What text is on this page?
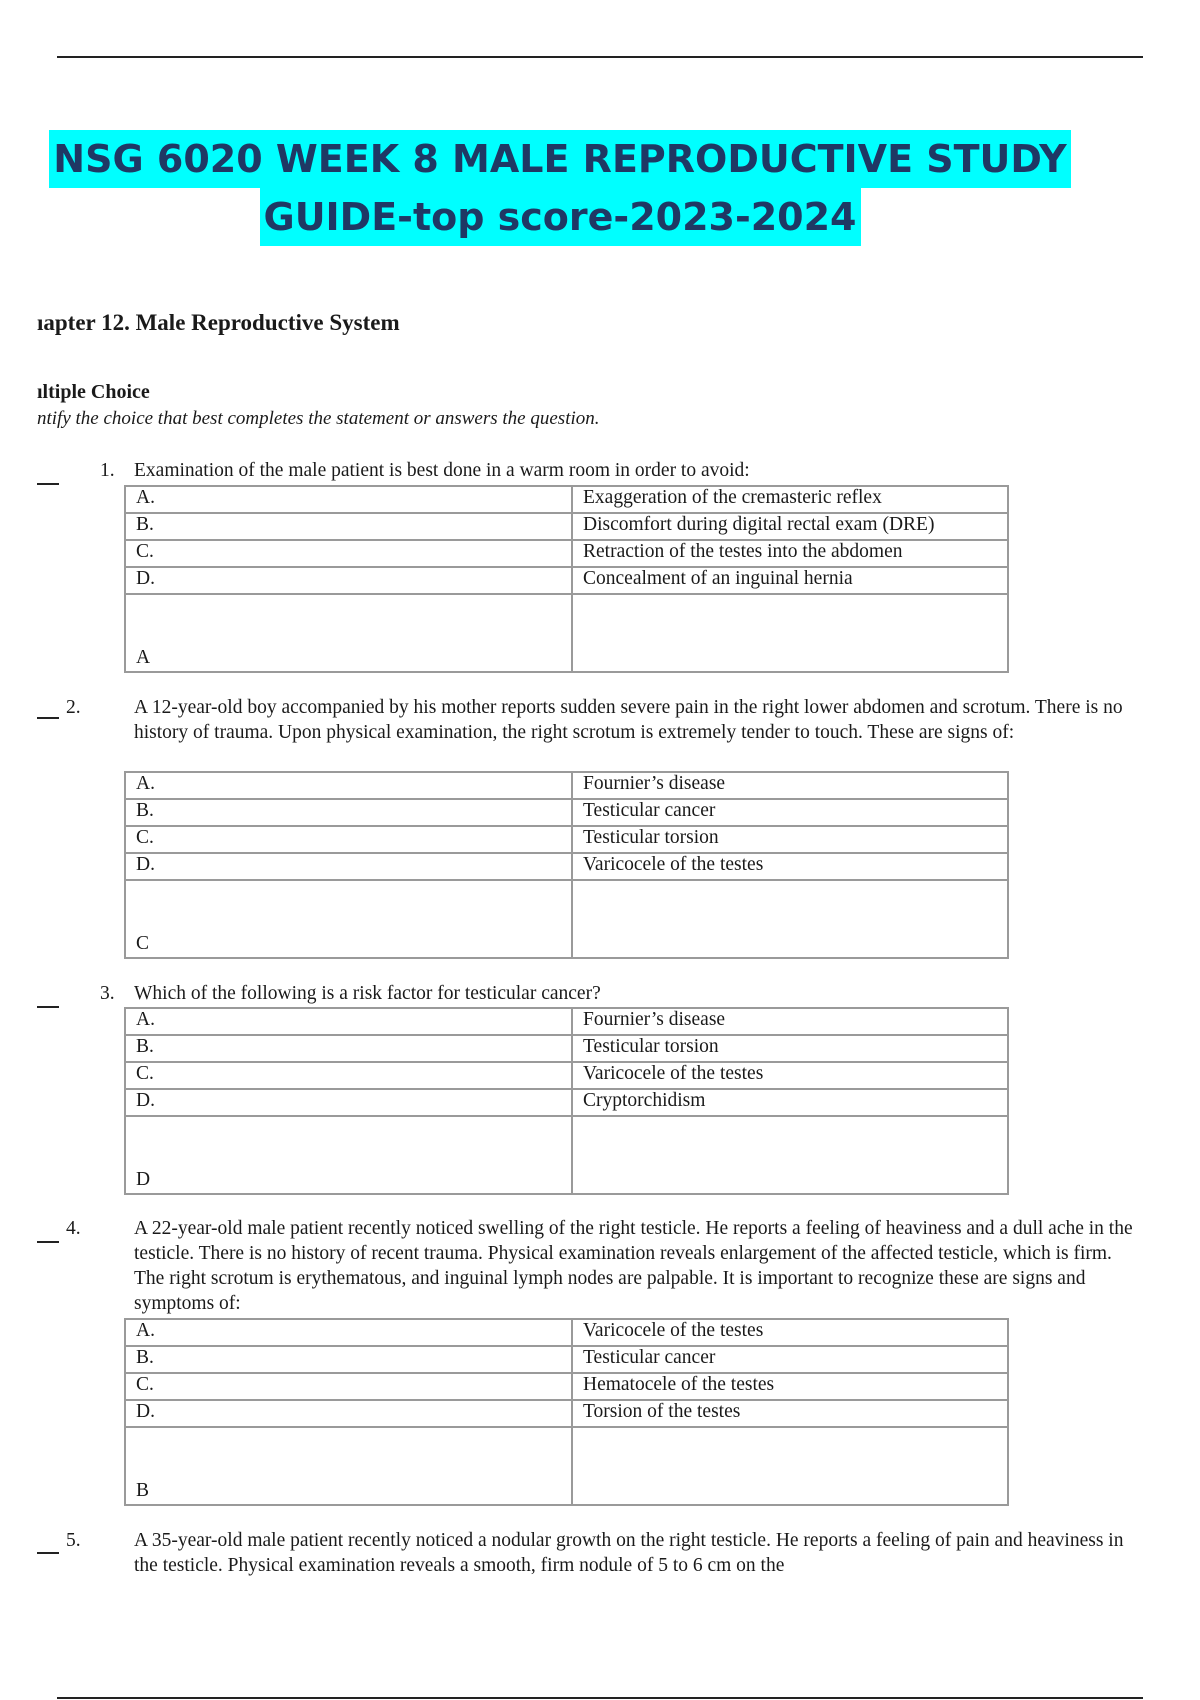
NSG 6020 WEEK 8 MALE REPRODUCTIVE STUDY
GUIDE-top score-2023-2024
ıapter 12. Male Reproductive System
ıltiple Choice
ntify the choice that best completes the statement or answers the question.
1. Examination of the male patient is best done in a warm room in order to avoid:
A.	Exaggeration of the cremasteric reflex
B.	Discomfort during digital rectal exam (DRE)
C.	Retraction of the testes into the abdomen
D.	Concealment of an inguinal hernia
A	
2.	A 12-year-old boy accompanied by his mother reports sudden severe pain in the right lower abdomen and scrotum. There is no history of trauma. Upon physical examination, the right scrotum is extremely tender to touch. These are signs of:
A.	Fournier’s disease
B.	Testicular cancer
C.	Testicular torsion
D.	Varicocele of the testes
C	
3. Which of the following is a risk factor for testicular cancer?
A.	Fournier’s disease
B.	Testicular torsion
C.	Varicocele of the testes
D.	Cryptorchidism
D	
4.	A 22-year-old male patient recently noticed swelling of the right testicle. He reports a feeling of heaviness and a dull ache in the testicle. There is no history of recent trauma. Physical examination reveals enlargement of the affected testicle, which is firm. The right scrotum is erythematous, and inguinal lymph nodes are palpable. It is important to recognize these are signs and symptoms of:
A.	Varicocele of the testes
B.	Testicular cancer
C.	Hematocele of the testes
D.	Torsion of the testes
B	
5.	A 35-year-old male patient recently noticed a nodular growth on the right testicle. He reports a feeling of pain and heaviness in the testicle. Physical examination reveals a smooth, firm nodule of 5 to 6 cm on the
